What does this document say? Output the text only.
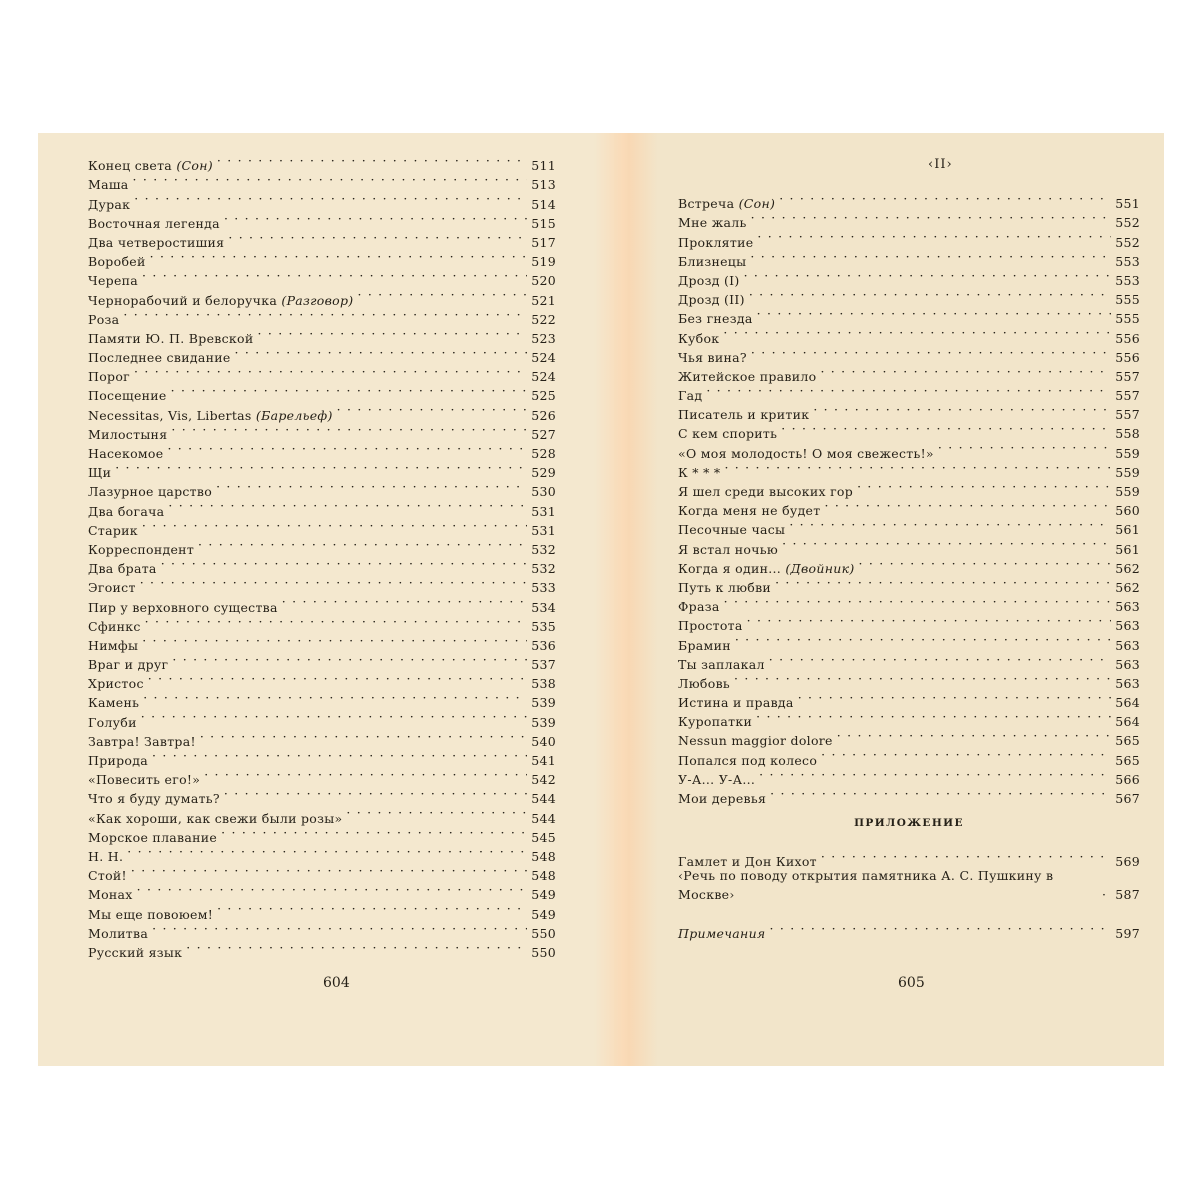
Конец света (Сон) · · ·	511
Маша · · ·	513
Дурак · · ·	514
Восточная легенда · · ·	515
Два четверостишия · · ·	517
Воробей · · ·	519
Черепа · · ·	520
Чернорабочий и белоручка (Разговор) · · ·	521
Роза · · ·	522
Памяти Ю. П. Вревской · · ·	523
Последнее свидание · · ·	524
Порог · · ·	524
Посещение · · ·	525
Necessitas, Vis, Libertas (Барельеф) · · ·	526
Милостыня · · ·	527
Насекомое · · ·	528
Щи · · ·	529
Лазурное царство · · ·	530
Два богача · · ·	531
Старик · · ·	531
Корреспондент · · ·	532
Два брата · · ·	532
Эгоист · · ·	533
Пир у верховного существа · · ·	534
Сфинкс · · ·	535
Нимфы · · ·	536
Враг и друг · · ·	537
Христос · · ·	538
Камень · · ·	539
Голуби · · ·	539
Завтра! Завтра! · · ·	540
Природа · · ·	541
«Повесить его!» · · ·	542
Что я буду думать? · · ·	544
«Как хороши, как свежи были розы» · · ·	544
Морское плавание · · ·	545
Н. Н. · · ·	548
Стой! · · ·	548
Монах · · ·	549
Мы еще повоюем! · · ·	549
Молитва · · ·	550
Русский язык · · ·	550
‹II›
Встреча (Сон) · · ·	551
Мне жаль · · ·	552
Проклятие · · ·	552
Близнецы · · ·	553
Дрозд (I) · · ·	553
Дрозд (II) · · ·	555
Без гнезда · · ·	555
Кубок · · ·	556
Чья вина? · · ·	556
Житейское правило · · ·	557
Гад · · ·	557
Писатель и критик · · ·	557
С кем спорить · · ·	558
«О моя молодость! О моя свежесть!» · · ·	559
К * * * · · ·	559
Я шел среди высоких гор · · ·	559
Когда меня не будет · · ·	560
Песочные часы · · ·	561
Я встал ночью · · ·	561
Когда я один... (Двойник) · · ·	562
Путь к любви · · ·	562
Фраза · · ·	563
Простота · · ·	563
Брамин · · ·	563
Ты заплакал · · ·	563
Любовь · · ·	563
Истина и правда · · ·	564
Куропатки · · ·	564
Nessun maggior dolore · · ·	565
Попался под колесо · · ·	565
У-А... У-А... · · ·	566
Мои деревья · · ·	567
ПРИЛОЖЕНИЕ
Гамлет и Дон Кихот · · ·	569
‹Речь по поводу открытия памятника А. С. Пушкину в Москве› · · ·	587
Примечания · · ·	597
604	605
